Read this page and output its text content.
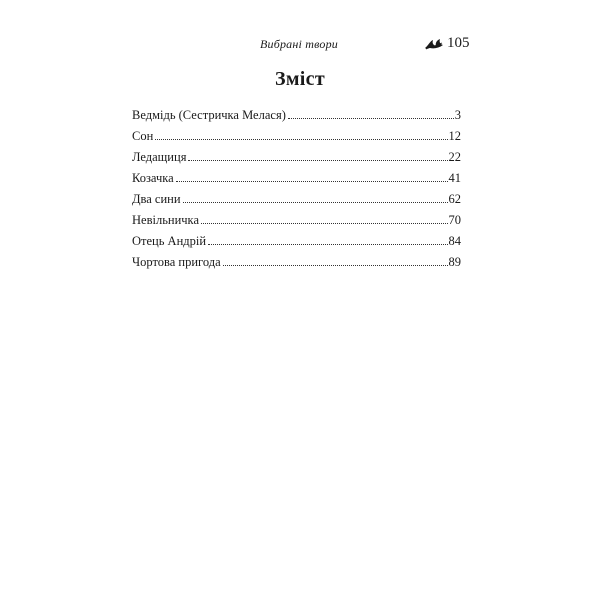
Вибрані твори	105
Зміст
Ведмідь (Сестричка Мелася)	3
Сон	12
Ледащиця	22
Козачка	41
Два сини	62
Невільничка	70
Отець Андрій	84
Чортова пригода	89
